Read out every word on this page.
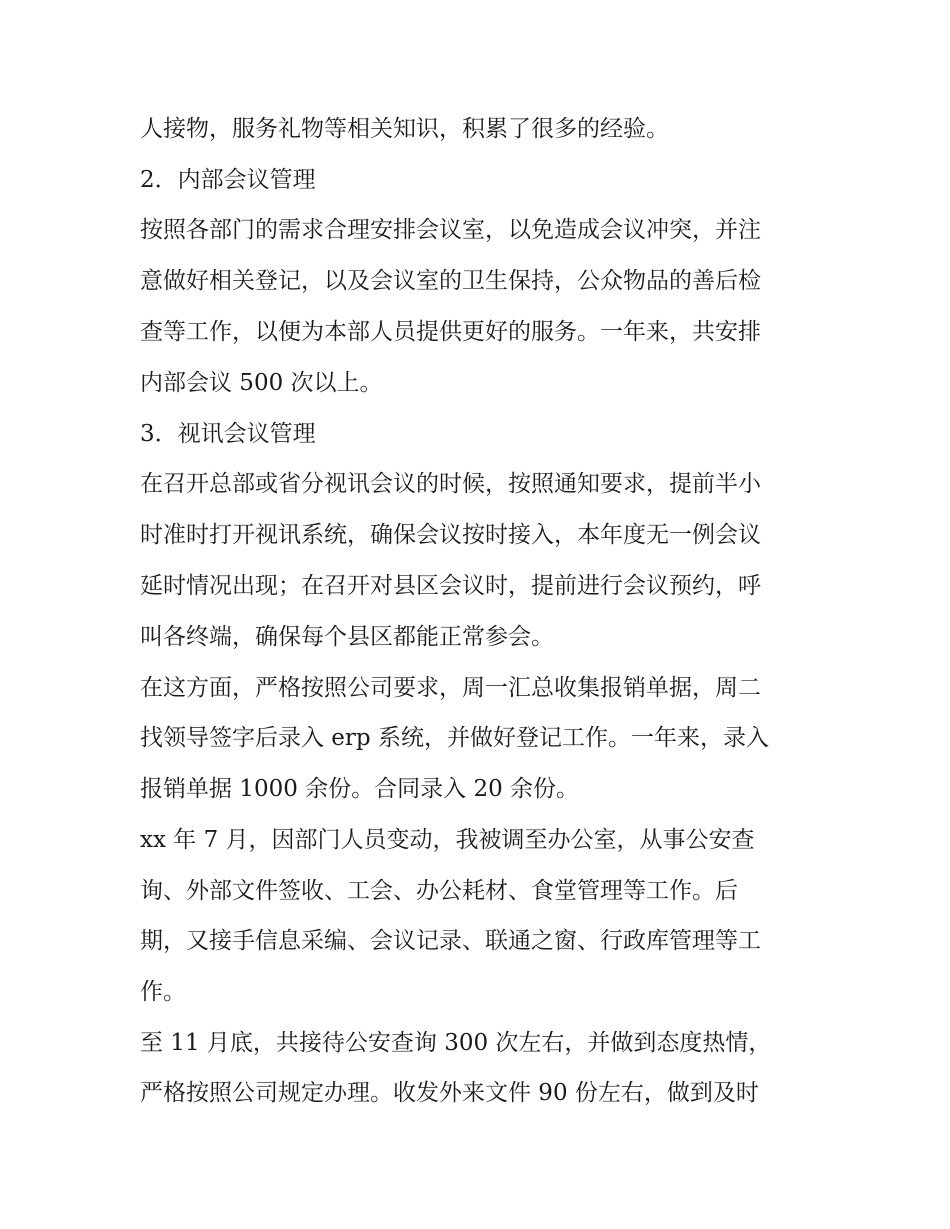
人接物，服务礼物等相关知识，积累了很多的经验。
2．内部会议管理
按照各部门的需求合理安排会议室，以免造成会议冲突，并注
意做好相关登记，以及会议室的卫生保持，公众物品的善后检
查等工作，以便为本部人员提供更好的服务。一年来，共安排
内部会议 500 次以上。
3．视讯会议管理
在召开总部或省分视讯会议的时候，按照通知要求，提前半小
时准时打开视讯系统，确保会议按时接入，本年度无一例会议
延时情况出现；在召开对县区会议时，提前进行会议预约，呼
叫各终端，确保每个县区都能正常参会。
在这方面，严格按照公司要求，周一汇总收集报销单据，周二
找领导签字后录入 erp 系统，并做好登记工作。一年来，录入
报销单据 1000 余份。合同录入 20 余份。
xx 年 7 月，因部门人员变动，我被调至办公室，从事公安查
询、外部文件签收、工会、办公耗材、食堂管理等工作。后
期，又接手信息采编、会议记录、联通之窗、行政库管理等工
作。
至 11 月底，共接待公安查询 300 次左右，并做到态度热情，
严格按照公司规定办理。收发外来文件 90 份左右，做到及时
